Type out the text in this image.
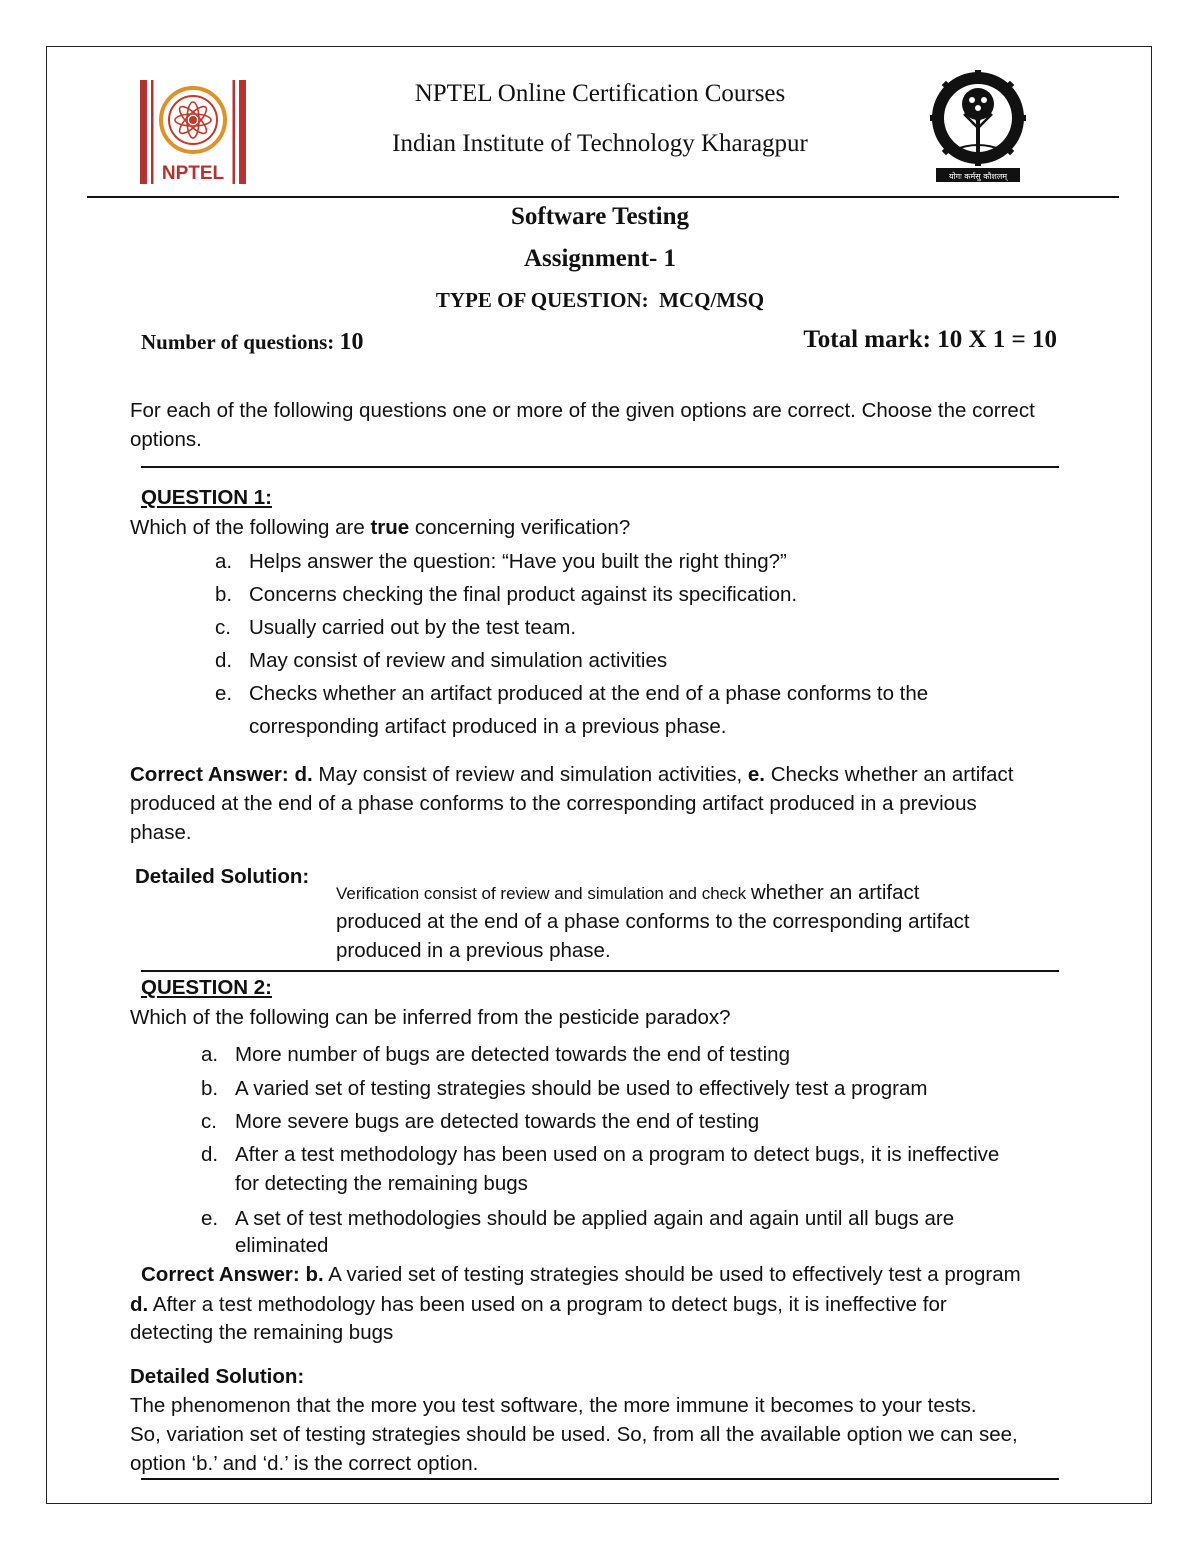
NPTEL
NPTEL Online Certification Courses
Indian Institute of Technology Kharagpur
योगः कर्मसु कौशलम्
Software Testing
Assignment- 1
TYPE OF QUESTION: MCQ/MSQ
Number of questions: 10	Total mark: 10 X 1 = 10
For each of the following questions one or more of the given options are correct. Choose the correct options.
QUESTION 1:
Which of the following are true concerning verification?
a. Helps answer the question: “Have you built the right thing?”
b. Concerns checking the final product against its specification.
c. Usually carried out by the test team.
d. May consist of review and simulation activities
e. Checks whether an artifact produced at the end of a phase conforms to the
corresponding artifact produced in a previous phase.
Correct Answer: d. May consist of review and simulation activities, e. Checks whether an artifact
produced at the end of a phase conforms to the corresponding artifact produced in a previous
phase.
Detailed Solution:
Verification consist of review and simulation and check whether an artifact
produced at the end of a phase conforms to the corresponding artifact
produced in a previous phase.
QUESTION 2:
Which of the following can be inferred from the pesticide paradox?
a. More number of bugs are detected towards the end of testing
b. A varied set of testing strategies should be used to effectively test a program
c. More severe bugs are detected towards the end of testing
d. After a test methodology has been used on a program to detect bugs, it is ineffective
for detecting the remaining bugs
e. A set of test methodologies should be applied again and again until all bugs are
eliminated
Correct Answer: b. A varied set of testing strategies should be used to effectively test a program
d. After a test methodology has been used on a program to detect bugs, it is ineffective for
detecting the remaining bugs
Detailed Solution:
The phenomenon that the more you test software, the more immune it becomes to your tests.
So, variation set of testing strategies should be used. So, from all the available option we can see,
option ‘b.’ and ‘d.’ is the correct option.
